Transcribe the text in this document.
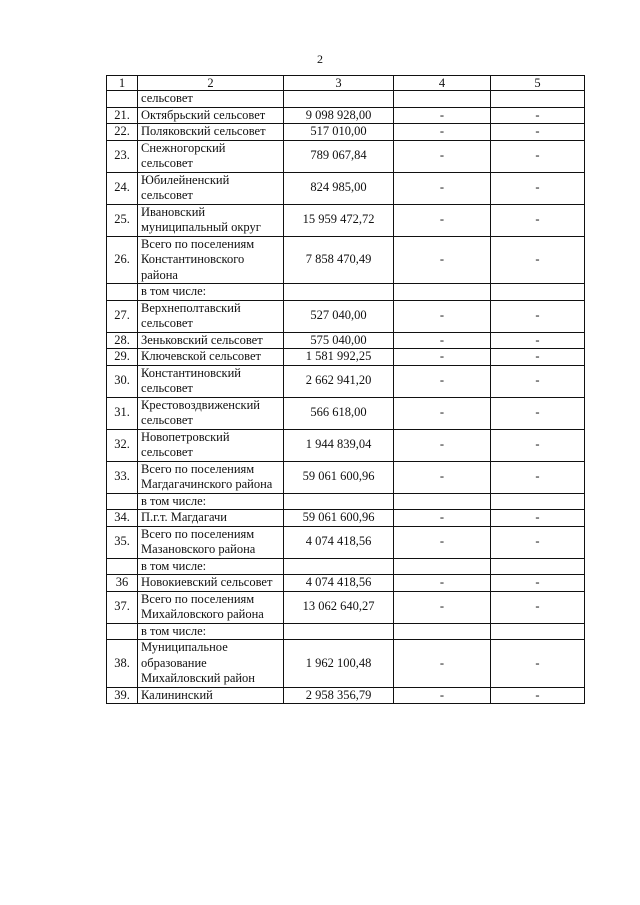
2
1	2	3	4	5
	сельсовет			
21.	Октябрьский сельсовет	9 098 928,00	-	-
22.	Поляковский сельсовет	517 010,00	-	-
23.	Снежногорский сельсовет	789 067,84	-	-
24.	Юбилейненский сельсовет	824 985,00	-	-
25.	Ивановский муниципальный округ	15 959 472,72	-	-
26.	Всего по поселениям Константиновского района	7 858 470,49	-	-
	в том числе:			
27.	Верхнеполтавский сельсовет	527 040,00	-	-
28.	Зеньковский сельсовет	575 040,00	-	-
29.	Ключевской сельсовет	1 581 992,25	-	-
30.	Константиновский сельсовет	2 662 941,20	-	-
31.	Крестовоздвиженский сельсовет	566 618,00	-	-
32.	Новопетровский сельсовет	1 944 839,04	-	-
33.	Всего по поселениям Магдагачинского района	59 061 600,96	-	-
	в том числе:			
34.	П.г.т. Магдагачи	59 061 600,96	-	-
35.	Всего по поселениям Мазановского района	4 074 418,56	-	-
	в том числе:			
36	Новокиевский сельсовет	4 074 418,56	-	-
37.	Всего по поселениям Михайловского района	13 062 640,27	-	-
	в том числе:			
38.	Муниципальное образование Михайловский район	1 962 100,48	-	-
39.	Калининский	2 958 356,79	-	-
